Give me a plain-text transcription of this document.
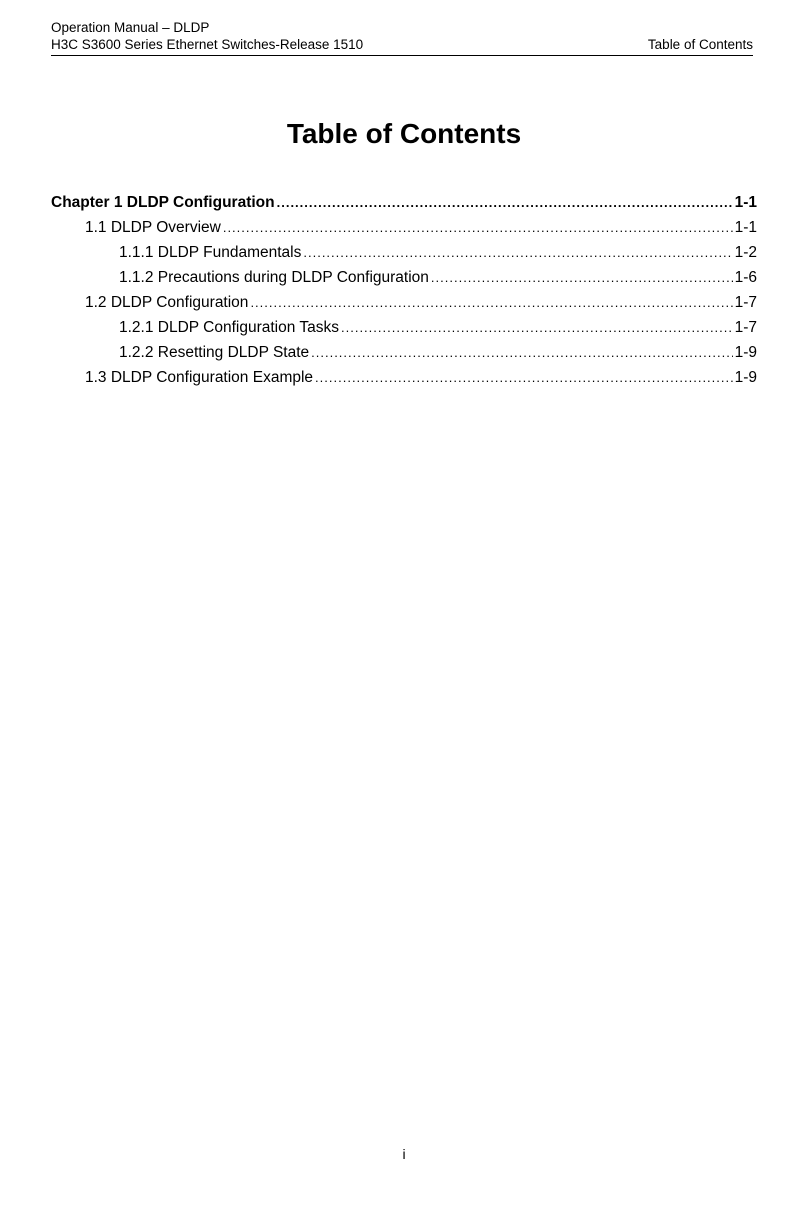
Operation Manual – DLDP
H3C S3600 Series Ethernet Switches-Release 1510	Table of Contents
Table of Contents
Chapter 1 DLDP Configuration .....	1-1
1.1 DLDP Overview .....	1-1
1.1.1 DLDP Fundamentals .....	1-2
1.1.2 Precautions during DLDP Configuration .....	1-6
1.2 DLDP Configuration .....	1-7
1.2.1 DLDP Configuration Tasks .....	1-7
1.2.2 Resetting DLDP State .....	1-9
1.3 DLDP Configuration Example .....	1-9
i
